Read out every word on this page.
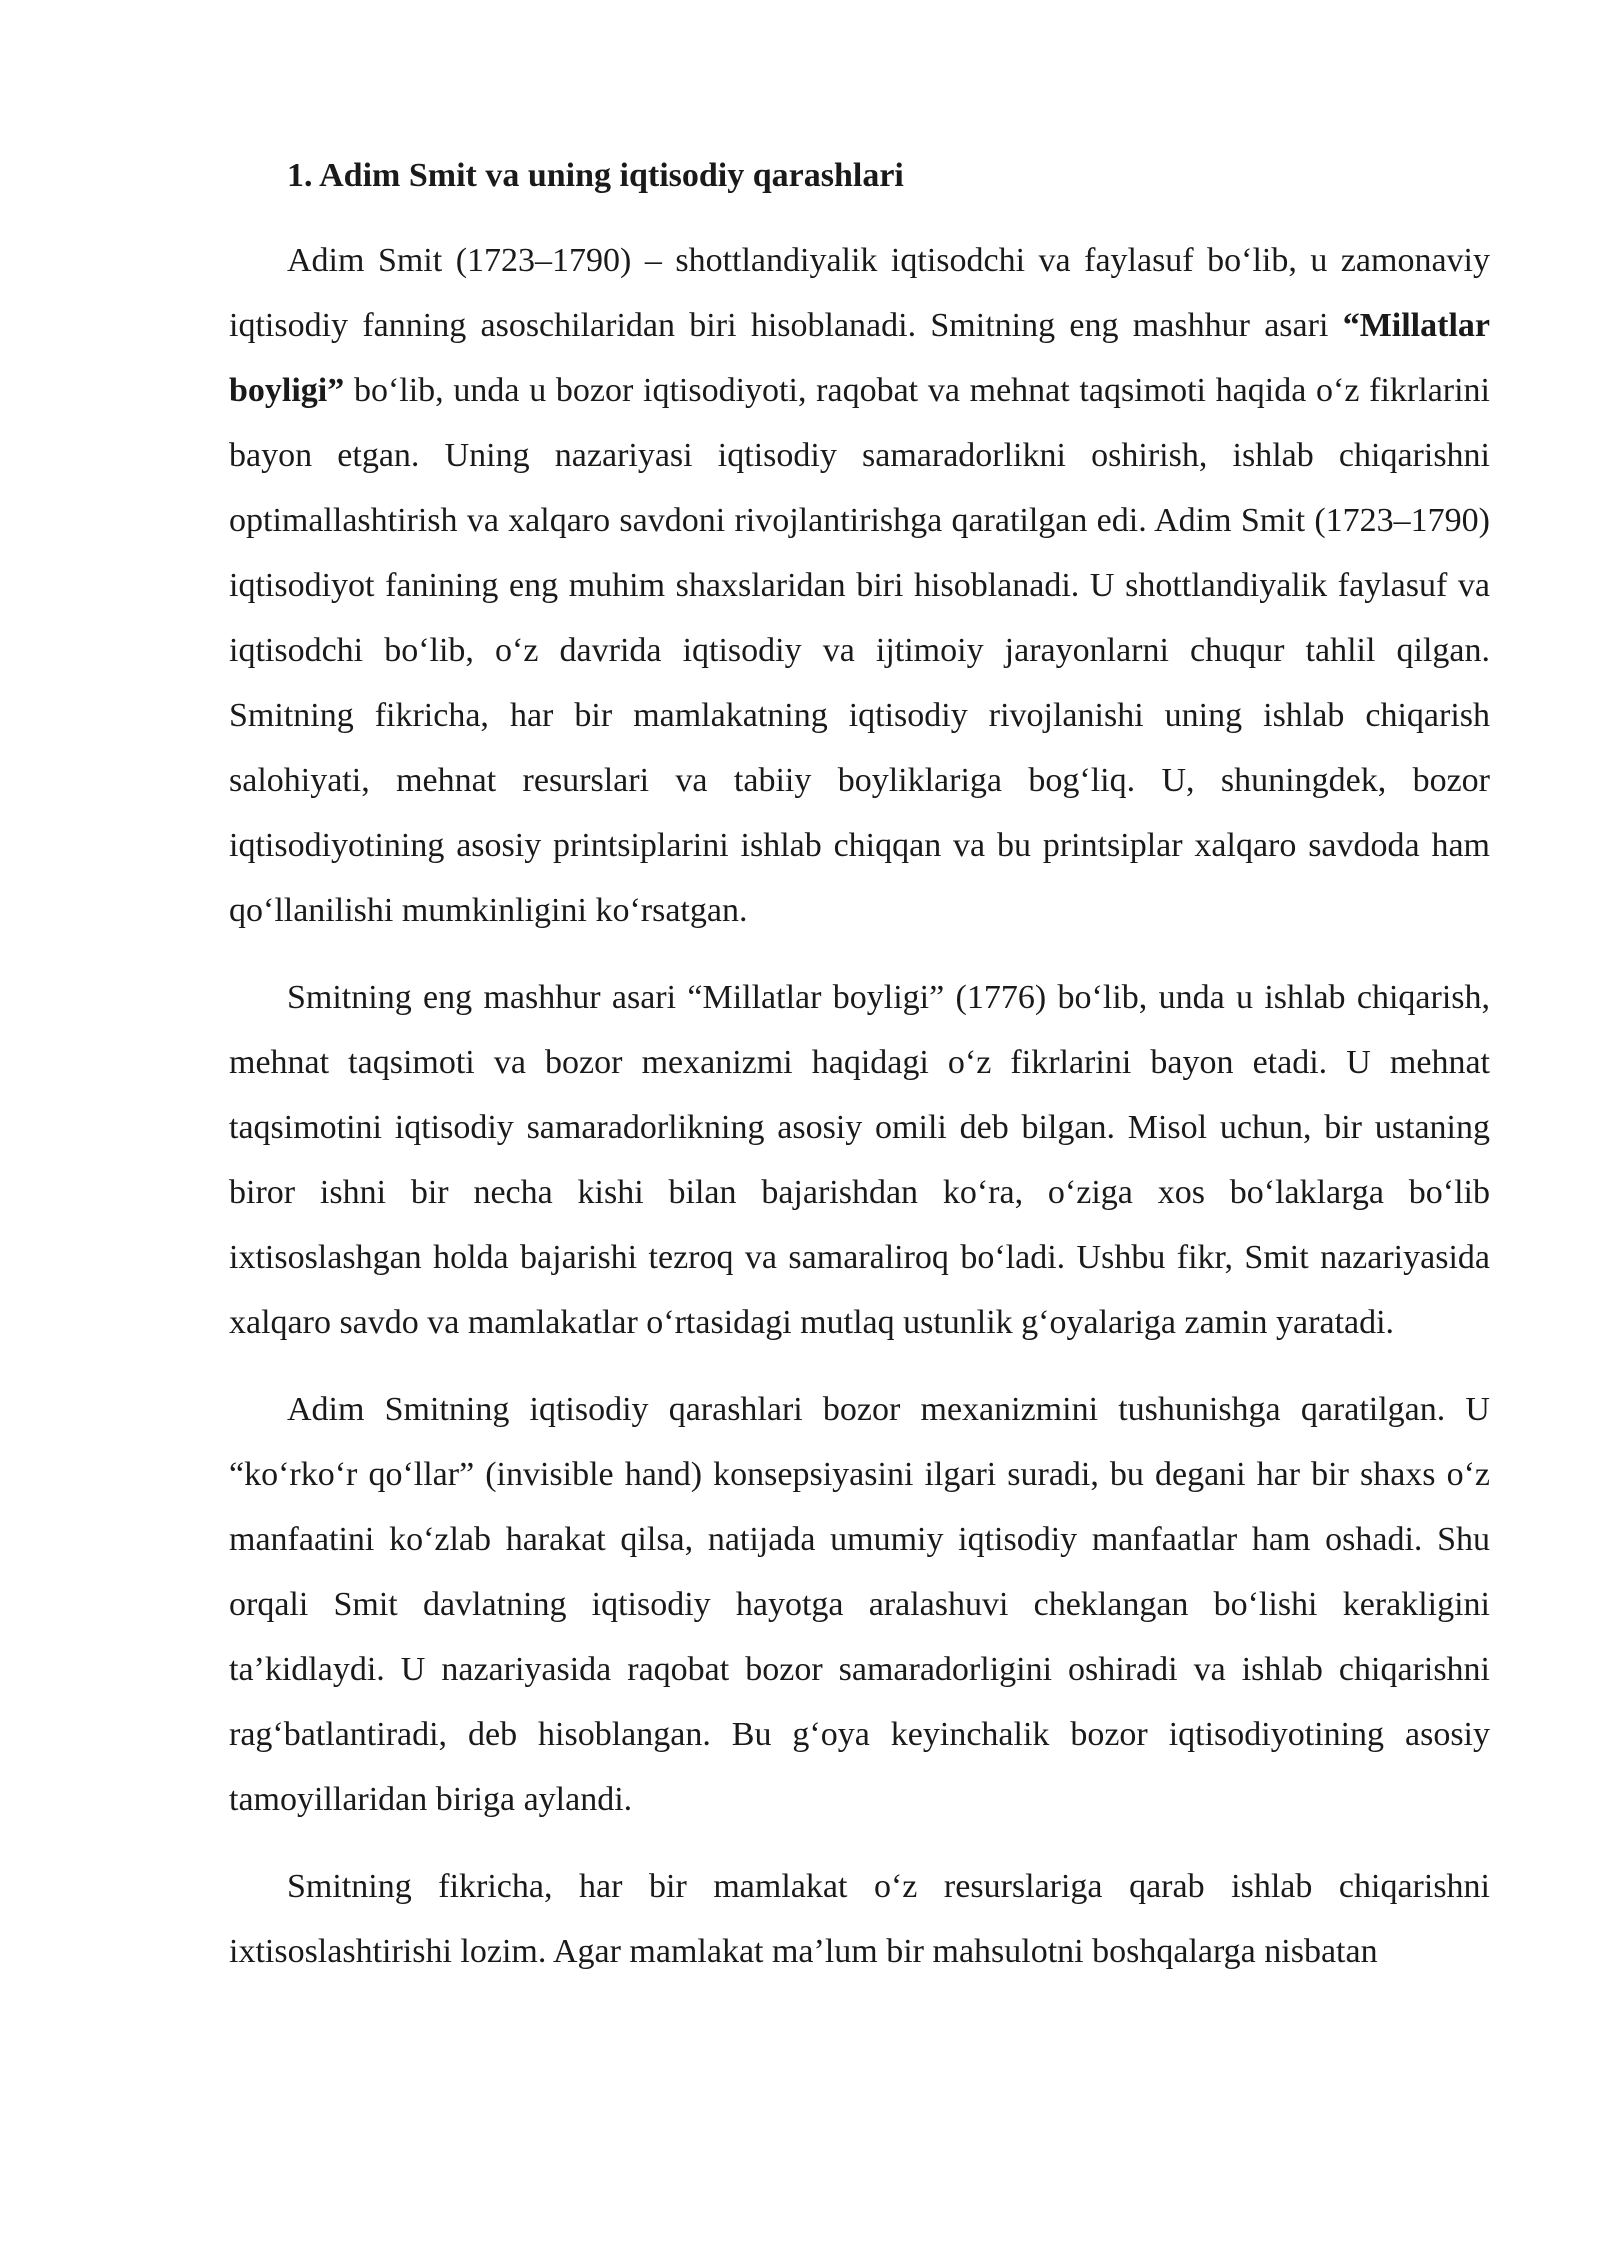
1. Adim Smit va uning iqtisodiy qarashlari

Adim Smit (1723–1790) – shottlandiyalik iqtisodchi va faylasuf bo‘lib, u zamonaviy iqtisodiy fanning asoschilaridan biri hisoblanadi. Smitning eng mashhur asari “Millatlar boyligi” bo‘lib, unda u bozor iqtisodiyoti, raqobat va mehnat taqsimoti haqida o‘z fikrlarini bayon etgan. Uning nazariyasi iqtisodiy samaradorlikni oshirish, ishlab chiqarishni optimallashtirish va xalqaro savdoni rivojlantirishga qaratilgan edi. Adim Smit (1723–1790) iqtisodiyot fanining eng muhim shaxslaridan biri hisoblanadi. U shottlandiyalik faylasuf va iqtisodchi bo‘lib, o‘z davrida iqtisodiy va ijtimoiy jarayonlarni chuqur tahlil qilgan. Smitning fikricha, har bir mamlakatning iqtisodiy rivojlanishi uning ishlab chiqarish salohiyati, mehnat resurslari va tabiiy boyliklariga bog‘liq. U, shuningdek, bozor iqtisodiyotining asosiy printsiplarini ishlab chiqqan va bu printsiplar xalqaro savdoda ham qo‘llanilishi mumkinligini ko‘rsatgan.

Smitning eng mashhur asari “Millatlar boyligi” (1776) bo‘lib, unda u ishlab chiqarish, mehnat taqsimoti va bozor mexanizmi haqidagi o‘z fikrlarini bayon etadi. U mehnat taqsimotini iqtisodiy samaradorlikning asosiy omili deb bilgan. Misol uchun, bir ustaning biror ishni bir necha kishi bilan bajarishdan ko‘ra, o‘ziga xos bo‘laklarga bo‘lib ixtisoslashgan holda bajarishi tezroq va samaraliroq bo‘ladi. Ushbu fikr, Smit nazariyasida xalqaro savdo va mamlakatlar o‘rtasidagi mutlaq ustunlik g‘oyalariga zamin yaratadi.

Adim Smitning iqtisodiy qarashlari bozor mexanizmini tushunishga qaratilgan. U “ko‘rko‘r qo‘llar” (invisible hand) konsepsiyasini ilgari suradi, bu degani har bir shaxs o‘z manfaatini ko‘zlab harakat qilsa, natijada umumiy iqtisodiy manfaatlar ham oshadi. Shu orqali Smit davlatning iqtisodiy hayotga aralashuvi cheklangan bo‘lishi kerakligini ta’kidlaydi. U nazariyasida raqobat bozor samaradorligini oshiradi va ishlab chiqarishni rag‘batlantiradi, deb hisoblangan. Bu g‘oya keyinchalik bozor iqtisodiyotining asosiy tamoyillaridan biriga aylandi.

Smitning fikricha, har bir mamlakat o‘z resurslariga qarab ishlab chiqarishni ixtisoslashtirishi lozim. Agar mamlakat ma’lum bir mahsulotni boshqalarga nisbatan
